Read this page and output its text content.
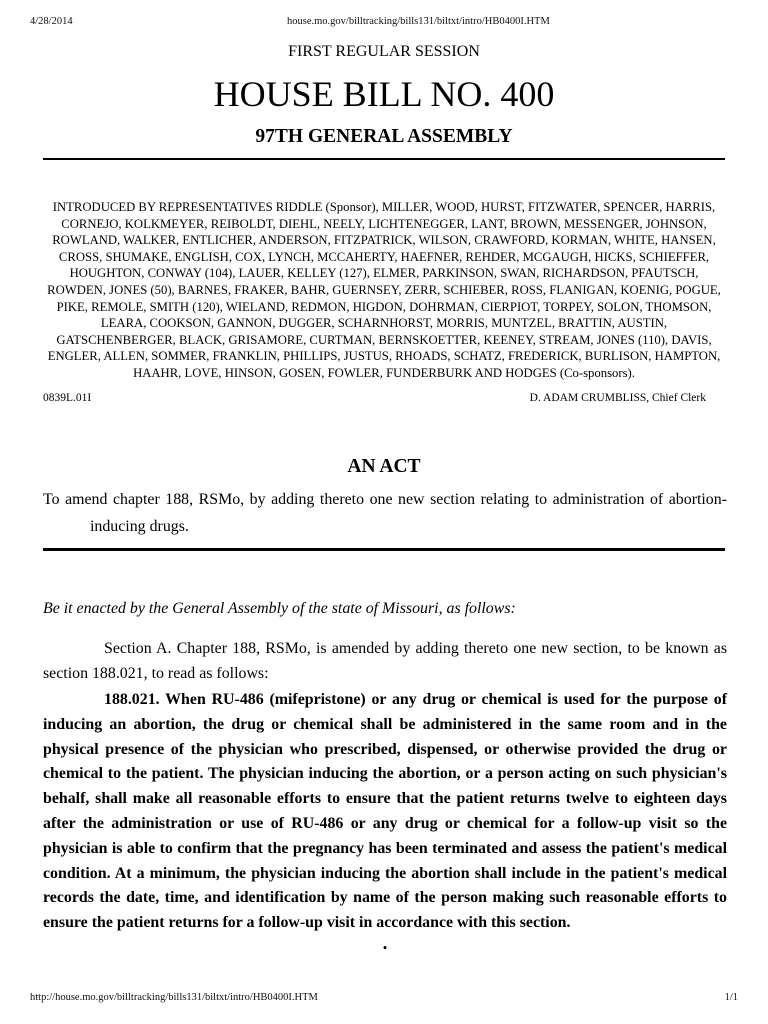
4/28/2014	house.mo.gov/billtracking/bills131/biltxt/intro/HB0400I.HTM
FIRST REGULAR SESSION
HOUSE BILL NO. 400
97TH GENERAL ASSEMBLY

INTRODUCED BY REPRESENTATIVES RIDDLE (Sponsor), MILLER, WOOD, HURST, FITZWATER, SPENCER, HARRIS, CORNEJO, KOLKMEYER, REIBOLDT, DIEHL, NEELY, LICHTENEGGER, LANT, BROWN, MESSENGER, JOHNSON, ROWLAND, WALKER, ENTLICHER, ANDERSON, FITZPATRICK, WILSON, CRAWFORD, KORMAN, WHITE, HANSEN, CROSS, SHUMAKE, ENGLISH, COX, LYNCH, MCCAHERTY, HAEFNER, REHDER, MCGAUGH, HICKS, SCHIEFFER, HOUGHTON, CONWAY (104), LAUER, KELLEY (127), ELMER, PARKINSON, SWAN, RICHARDSON, PFAUTSCH, ROWDEN, JONES (50), BARNES, FRAKER, BAHR, GUERNSEY, ZERR, SCHIEBER, ROSS, FLANIGAN, KOENIG, POGUE, PIKE, REMOLE, SMITH (120), WIELAND, REDMON, HIGDON, DOHRMAN, CIERPIOT, TORPEY, SOLON, THOMSON, LEARA, COOKSON, GANNON, DUGGER, SCHARNHORST, MORRIS, MUNTZEL, BRATTIN, AUSTIN, GATSCHENBERGER, BLACK, GRISAMORE, CURTMAN, BERNSKOETTER, KEENEY, STREAM, JONES (110), DAVIS, ENGLER, ALLEN, SOMMER, FRANKLIN, PHILLIPS, JUSTUS, RHOADS, SCHATZ, FREDERICK, BURLISON, HAMPTON, HAAHR, LOVE, HINSON, GOSEN, FOWLER, FUNDERBURK AND HODGES (Co-sponsors).

0839L.01I	D. ADAM CRUMBLISS, Chief Clerk
AN ACT

To amend chapter 188, RSMo, by adding thereto one new section relating to administration of abortion-inducing drugs.

Be it enacted by the General Assembly of the state of Missouri, as follows:

Section A. Chapter 188, RSMo, is amended by adding thereto one new section, to be known as section 188.021, to read as follows:

188.021. When RU-486 (mifepristone) or any drug or chemical is used for the purpose of inducing an abortion, the drug or chemical shall be administered in the same room and in the physical presence of the physician who prescribed, dispensed, or otherwise provided the drug or chemical to the patient. The physician inducing the abortion, or a person acting on such physician's behalf, shall make all reasonable efforts to ensure that the patient returns twelve to eighteen days after the administration or use of RU-486 or any drug or chemical for a follow-up visit so the physician is able to confirm that the pregnancy has been terminated and assess the patient's medical condition. At a minimum, the physician inducing the abortion shall include in the patient's medical records the date, time, and identification by name of the person making such reasonable efforts to ensure the patient returns for a follow-up visit in accordance with this section.

•
http://house.mo.gov/billtracking/bills131/biltxt/intro/HB0400I.HTM	1/1
